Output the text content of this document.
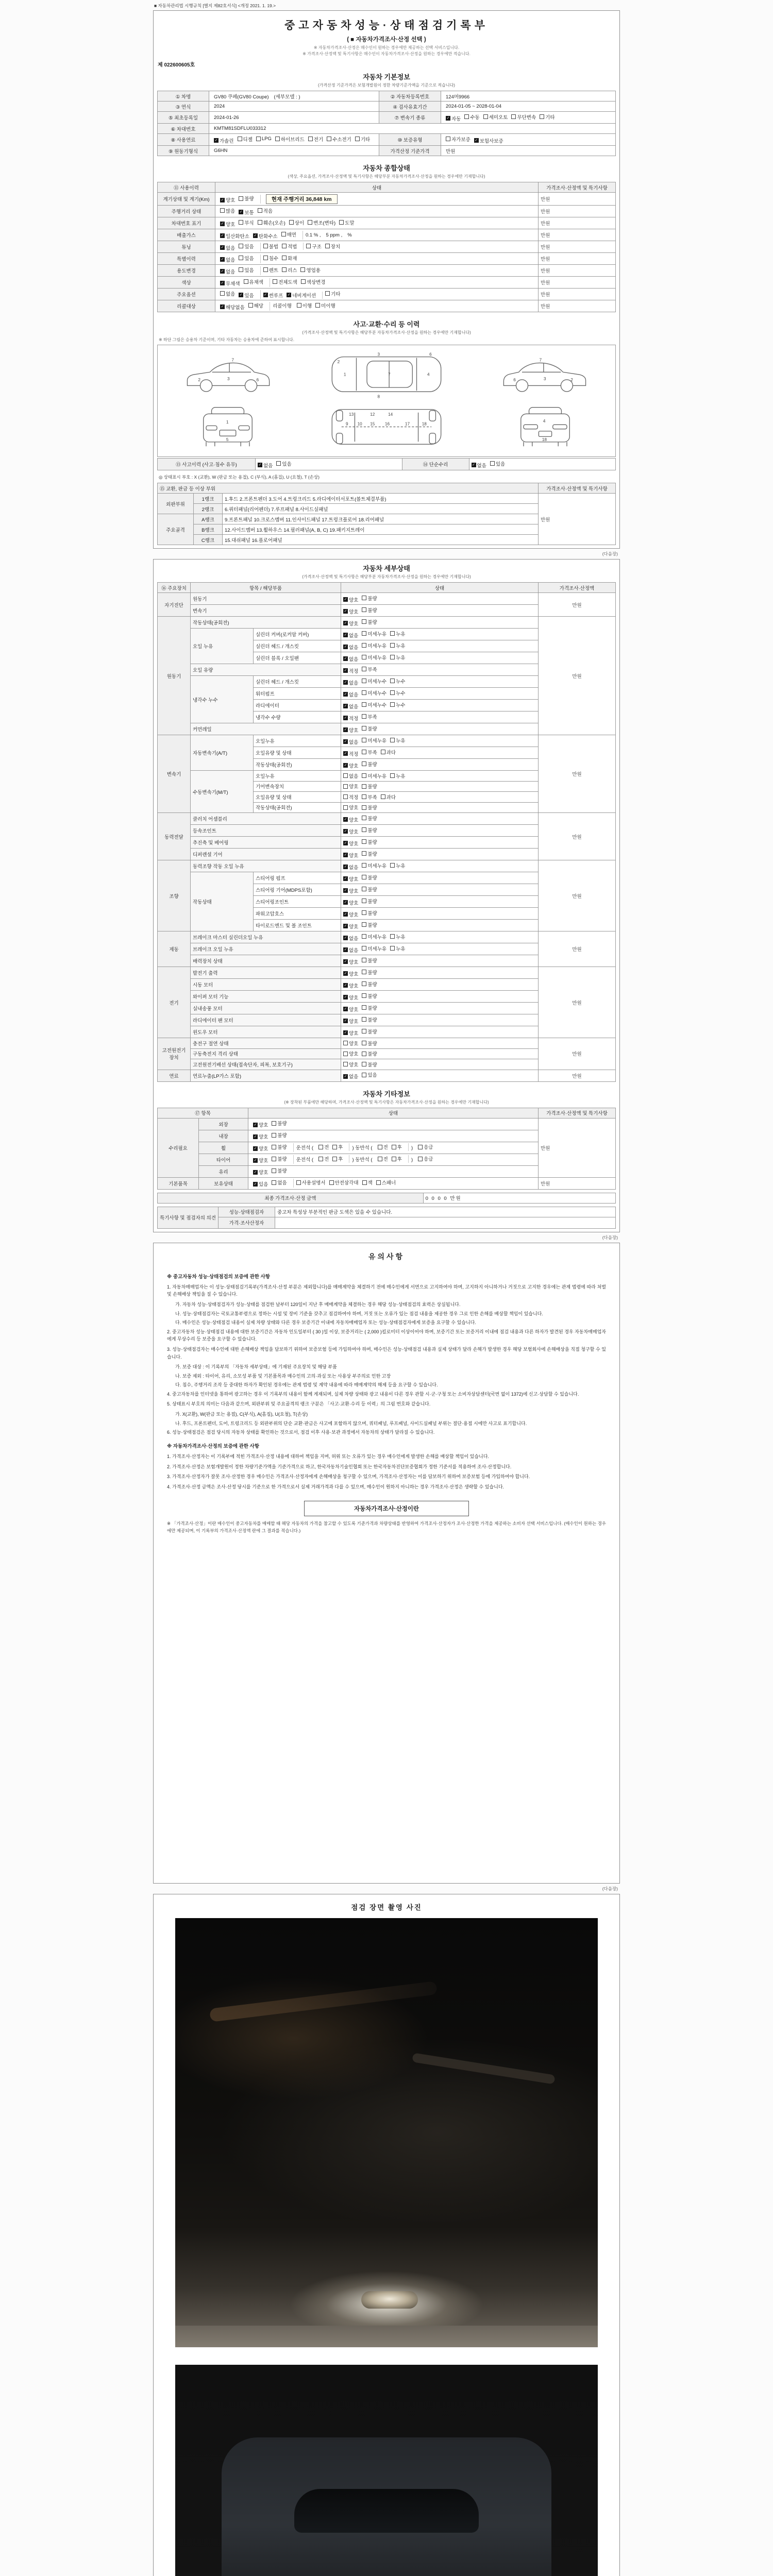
■ 자동차관리법 시행규칙 [별지 제82호서식] <개정 2021. 1. 19.>
중고자동차성능·상태점검기록부
( ■ 자동차가격조사·산정 선택 )
※ 자동차가격조사·산정은 매수인이 원하는 경우에만 제공하는 선택 서비스입니다.
※ 가격조사·산정액 및 특기사항은 매수인이 자동차가격조사·산정을 원하는 경우에만 적습니다.
제 022600605호
자동차 기본정보
(가격산정 기준가격은 보험개발원이 정한 차량기준가액을 기준으로 적습니다)
① 차명	GV80 쿠페(GV80 Coupe) (세부모델 : )	② 자동차등록번호	124머9966
③ 연식	2024	④ 검사유효기간	2024-01-05 ~ 2028-01-04
⑤ 최초등록일	2024-01-26	⑦ 변속기 종류	✓ 자동 수동 세미오토 무단변속 기타

⑥ 차대번호	KMTM81SDFLU033312		
⑧ 사용연료	✓ 가솔린 디젤 LPG 하이브리드 전기 수소전기 기타	⑩ 보증유형	자가보증 ✓ 보험사보증

⑨ 원동기형식	G6HN	가격산정 기준가격	만원
자동차 종합상태
(색상, 주요옵션, 가격조사·산정액 및 특기사항은 해당부분 자동차가격조사·산정을 원하는 경우에만 기재합니다)
⑪ 사용이력	상태	가격조사·산정액 및 특기사항
계기상태 및 계기(Km)	✓ 양호 불량 현재 주행거리 36,848 km	만원
주행거리 상태	많음 ✓ 보통 적음	만원
차대번호 표기	✓ 양호 부식 훼손(오손) 상이 변조(변타) 도말	만원
배출가스	✓ 일산화탄소 ✓ 탄화수소 매연 0.1 % , 5 ppm , %	만원
튜닝	✓ 없음 있음	불법 적법	구조 장치	만원
특별이력	✓ 없음 있음 침수 화재	만원
용도변경	✓ 없음 있음	렌트 리스 영업용	만원
색상	✓ 무채색 유채색 전체도색 색상변경	만원
주요옵션	없음 ✓ 있음	✓ 썬루프 ✓ 네비게이션	기타	만원
리콜대상	✓ 해당없음 해당 리콜이행 이행 미이행	만원
사고·교환·수리 등 이력
(가격조사·산정액 및 특기사항은 해당부분 자동차가격조사·산정을 원하는 경우에만 기재합니다)
※ 하단 그림은 승용차 기준이며, 기타 자동차는 승용차에 준하여 표시합니다.
2	3	6
7
1	7	4
2
3	6
8
2
3
6
7
1
5
9 10 15 16	17	18
12
13	14
4
18
⑬ 사고이력 (사고·침수 유무)	✓ 없음 있음	⑭ 단순수리	✓ 없음 있음
◎ 상태표시 부호 : X (교환), W (판금 또는 용접), C (부식), A (흠집), U (요철), T (손상)
⑮ 교환, 판금 등 이상 부위			가격조사·산정액 및 특기사항
외판부위	1랭크	1.후드 2.프론트펜더 3.도어 4.트렁크리드 5.라디에이터서포트(볼트체결부품)	만원
	2랭크	6.쿼터패널(리어펜더) 7.루프패널 8.사이드실패널	
주요골격	A랭크	9.프론트패널 10.크로스멤버 11.인사이드패널 17.트렁크플로어 18.리어패널	
	B랭크	12.사이드멤버 13.휠하우스 14.필러패널(A, B, C) 19.패키지트레이	
	C랭크	15.대쉬패널 16.플로어패널	
(다음장)
자동차 세부상태
(가격조사·산정액 및 특기사항은 해당부분 자동차가격조사·산정을 원하는 경우에만 기재합니다)
⑯ 주요장치	항목 / 해당부품		상태	가격조사·산정액
자기진단	원동기		✓ 양호 불량	만원
	변속기		✓ 양호 불량	

원동기	작동상태(공회전)		✓ 양호 불량	만원
	오일 누유	실린더 커버(로커암 커버)	✓ 없음 미세누유 누유	

		실린더 헤드 / 개스킷	✓ 없음 미세누유 누유	

		실린더 블록 / 오일팬	✓ 없음 미세누유 누유	

	오일 유량		✓ 적정 부족	

	냉각수 누수	실린더 헤드 / 개스킷	✓ 없음 미세누수 누수	

		워터펌프	✓ 없음 미세누수 누수	

		라디에이터	✓ 없음 미세누수 누수	

		냉각수 수량	✓ 적정 부족	

	커먼레일		✓ 양호 불량	

변속기	자동변속기(A/T)	오일누유	✓ 없음 미세누유 누유	만원
		오일유량 및 상태	✓ 적정 부족 과다	

		작동상태(공회전)	✓ 양호 불량	

	수동변속기(M/T)	오일누유	없음 미세누유 누유	

		기어변속장치	양호 불량	

		오일유량 및 상태	적정 부족 과다	

		작동상태(공회전)	양호 불량	

동력전달	클러치 어셈블리		✓ 양호 불량	만원
	등속조인트		✓ 양호 불량	

	추진축 및 베어링		✓ 양호 불량	

	디퍼렌셜 기어		✓ 양호 불량	

조향	동력조향 작동 오일 누유		✓ 없음 미세누유 누유	만원
	작동상태	스티어링 펌프	✓ 양호 불량	

		스티어링 기어(MDPS포함)	✓ 양호 불량	

		스티어링조인트	✓ 양호 불량	

		파워고압호스	✓ 양호 불량	

		타이로드엔드 및 볼 조인트	✓ 양호 불량	

제동	브레이크 마스터 실린더오일 누유		✓ 없음 미세누유 누유	만원
	브레이크 오일 누유		✓ 없음 미세누유 누유	

	배력장치 상태		✓ 양호 불량	

전기	발전기 출력		✓ 양호 불량	만원
	시동 모터		✓ 양호 불량	

	와이퍼 모터 기능		✓ 양호 불량	

	실내송풍 모터		✓ 양호 불량	

	라디에이터 팬 모터		✓ 양호 불량	

	윈도우 모터		✓ 양호 불량	

고전원전기장치	충전구 절연 상태		양호 불량	만원
	구동축전지 격리 상태		양호 불량	

	고전원전기배선 상태(접속단자, 피복, 보호기구)		양호 불량	

연료	연료누출(LP가스 포함)		✓ 없음 있음	만원
자동차 기타정보
(※ 장착된 부품에만 해당하며, 가격조사·산정액 및 특기사항은 자동차가격조사·산정을 원하는 경우에만 기재합니다)
⑰ 항목		상태	가격조사·산정액 및 특기사항
수리필요	외장	✓ 양호 불량	만원
	내장	✓ 양호 불량	

휠	✓ 양호 불량 운전석 ( 전 후 ) 동반석 ( 전 후 ) 응급

타이어	✓ 양호 불량 운전석 ( 전 후 ) 동반석 ( 전 후 ) 응급

	유리	✓ 양호 불량	

기본품목	보유상태	✓ 있음 없음	사용설명서 안전삼각대 잭 스패너	만원
최종 가격조사·산정 금액	0 0 0 0 만원
특기사항 및 점검자의 의견	성능·상태점검자	중고차 특성상 부분적인 판금 도색은 있을 수 있습니다.
	가격·조사산정자	
(다음장)
유의사항
※ 중고자동차 성능·상태점검의 보증에 관한 사항
1. 자동차매매업자는 이 성능·상태점검기록부(가격조사·산정 부분은 제외합니다)를 매매계약을 체결하기 전에 매수인에게 서면으로 고지하여야 하며, 고지하지 아니하거나 거짓으로 고지한 경우에는 관계 법령에 따라 처벌 및 손해배상 책임을 질 수 있습니다.
가. 자동차 성능·상태점검자가 성능·상태를 점검한 날부터 120일이 지난 후 매매계약을 체결하는 경우 해당 성능·상태점검의 효력은 상실됩니다.
나. 성능·상태점검자는 국토교통부령으로 정하는 시설 및 장비 기준을 갖추고 점검하여야 하며, 거짓 또는 오류가 있는 점검 내용을 제공한 경우 그로 인한 손해를 배상할 책임이 있습니다.
다. 매수인은 성능·상태점검 내용이 실제 차량 상태와 다른 경우 보증기간 이내에 자동차매매업자 또는 성능·상태점검자에게 보증을 요구할 수 있습니다.
2. 중고자동차 성능·상태점검 내용에 대한 보증기간은 자동차 인도일부터 ( 30 )일 이상, 보증거리는 ( 2,000 )킬로미터 이상이어야 하며, 보증기간 또는 보증거리 이내에 점검 내용과 다른 하자가 발견된 경우 자동차매매업자에게 무상수리 등 보증을 요구할 수 있습니다.
3. 성능·상태점검자는 매수인에 대한 손해배상 책임을 담보하기 위하여 보증보험 등에 가입하여야 하며, 매수인은 성능·상태점검 내용과 실제 상태가 달라 손해가 발생한 경우 해당 보험회사에 손해배상을 직접 청구할 수 있습니다.
가. 보증 대상 : 이 기록부의 「자동차 세부상태」에 기재된 주요장치 및 해당 부품
나. 보증 제외 : 타이어, 유리, 소모성 부품 및 기본품목과 매수인의 고의·과실 또는 사용상 부주의로 인한 고장
다. 침수, 주행거리 조작 등 중대한 하자가 확인된 경우에는 관계 법령 및 계약 내용에 따라 매매계약의 해제 등을 요구할 수 있습니다.
4. 중고자동차를 인터넷을 통하여 광고하는 경우 이 기록부의 내용이 함께 게재되며, 실제 차량 상태와 광고 내용이 다른 경우 관할 시·군·구청 또는 소비자상담센터(국번 없이 1372)에 신고·상담할 수 있습니다.
5. 상태표시 부호의 의미는 다음과 같으며, 외판부위 및 주요골격의 랭크 구분은 「사고·교환·수리 등 이력」의 그림 번호와 같습니다.
가. X(교환), W(판금 또는 용접), C(부식), A(흠집), U(요철), T(손상)
나. 후드, 프론트펜더, 도어, 트렁크리드 등 외판부위의 단순 교환·판금은 사고에 포함하지 않으며, 쿼터패널, 루프패널, 사이드실패널 부위는 절단·용접 시에만 사고로 표기합니다.
6. 성능·상태점검은 점검 당시의 자동차 상태를 확인하는 것으로서, 점검 이후 사용·보관 과정에서 자동차의 상태가 달라질 수 있습니다.
※ 자동차가격조사·산정의 보증에 관한 사항
1. 가격조사·산정자는 이 기록부에 적힌 가격조사·산정 내용에 대하여 책임을 지며, 허위 또는 오류가 있는 경우 매수인에게 발생한 손해를 배상할 책임이 있습니다.
2. 가격조사·산정은 보험개발원이 정한 차량기준가액을 기준가격으로 하고, 한국자동차기술인협회 또는 한국자동차진단보증협회가 정한 기준서를 적용하여 조사·산정합니다.
3. 가격조사·산정자가 잘못 조사·산정한 경우 매수인은 가격조사·산정자에게 손해배상을 청구할 수 있으며, 가격조사·산정자는 이를 담보하기 위하여 보증보험 등에 가입하여야 합니다.
4. 가격조사·산정 금액은 조사·산정 당시를 기준으로 한 가격으로서 실제 거래가격과 다를 수 있으며, 매수인이 원하지 아니하는 경우 가격조사·산정은 생략할 수 있습니다.
자동차가격조사·산정이란
※ 「가격조사·산정」이란 매수인이 중고자동차를 매매할 때 해당 자동차의 가격을 참고할 수 있도록 기준가격과 차량상태를 반영하여 가격조사·산정자가 조사·산정한 가격을 제공하는 소비자 선택 서비스입니다. (매수인이 원하는 경우에만 제공되며, 이 기록부의 가격조사·산정액 란에 그 결과를 적습니다.)
(다음장)
점검 장면 촬영 사진
